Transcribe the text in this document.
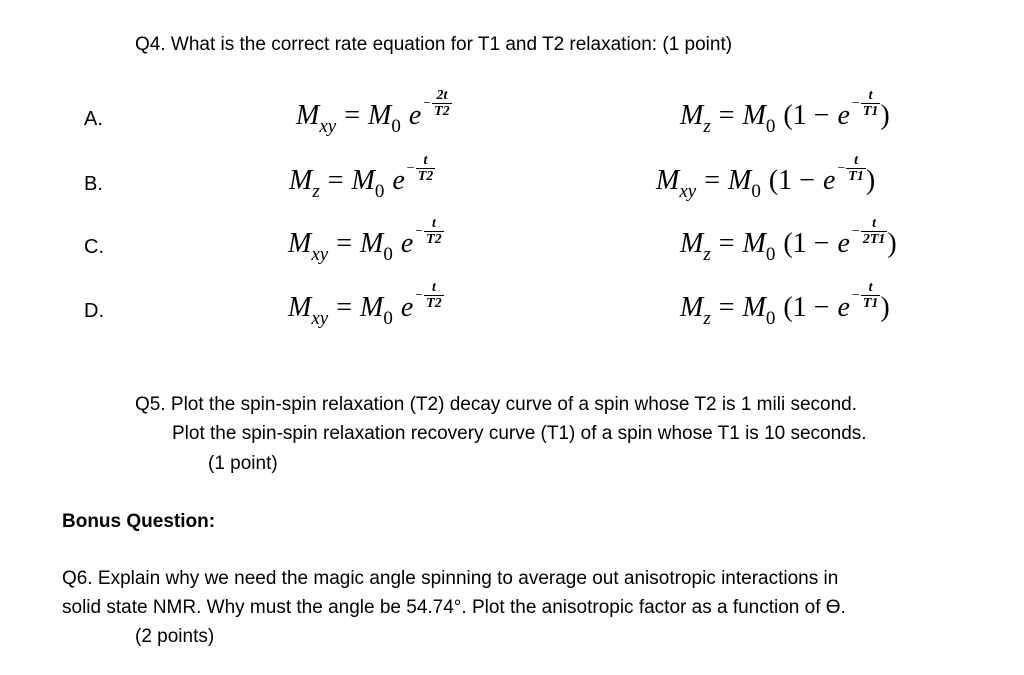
Q4. What is the correct rate equation for T1 and T2 relaxation: (1 point)
A.	$M_{xy} = M_0$ $e - \frac{2t}{T2}$	$M_z = M_0$ ($1 - e - \frac{t}{T1}$ )
B.	$M_z = M_0$ $e - \frac{t}{T2}$	$M_{xy} = M_0$ ($1 - e - \frac{t}{T1}$ )
C.	$M_{xy} = M_0$ $e - \frac{t}{T2}$	$M_z = M_0$ ($1 - e - \frac{t}{2T1}$ )
D.	$M_{xy} = M_0$ $e - \frac{t}{T2}$	$M_z = M_0$ ($1 - e - \frac{t}{T1}$ )
Q5. Plot the spin-spin relaxation (T2) decay curve of a spin whose T2 is 1 mili second.
Plot the spin-spin relaxation recovery curve (T1) of a spin whose T1 is 10 seconds.
(1 point)
Bonus Question:
Q6. Explain why we need the magic angle spinning to average out anisotropic interactions in
solid state NMR. Why must the angle be 54.74°. Plot the anisotropic factor as a function of ϴ.
(2 points)
